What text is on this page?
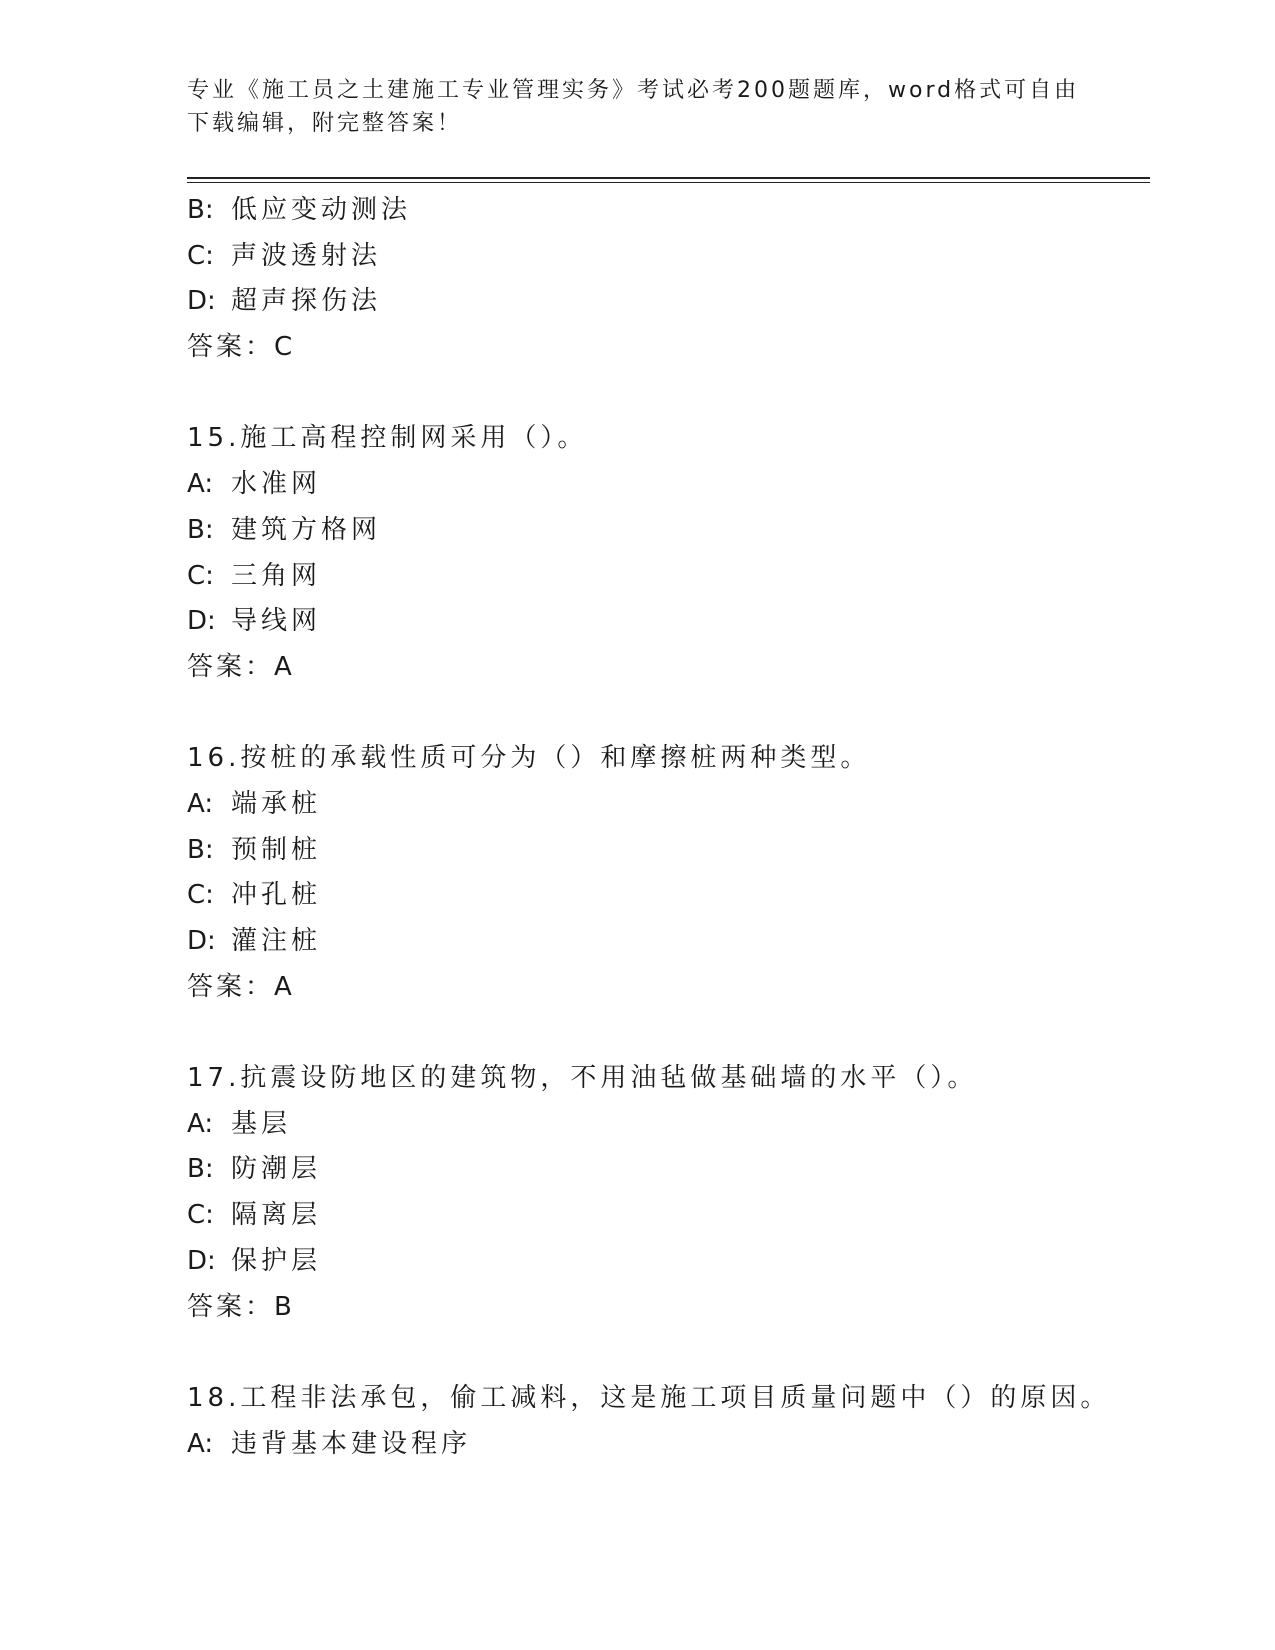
专业《施工员之土建施工专业管理实务》考试必考200题题库，word格式可自由下载编辑，附完整答案！
B: 低应变动测法
C: 声波透射法
D: 超声探伤法
答案：C
15.施工高程控制网采用（）。
A: 水准网
B: 建筑方格网
C: 三角网
D: 导线网
答案：A
16.按桩的承载性质可分为（）和摩擦桩两种类型。
A: 端承桩
B: 预制桩
C: 冲孔桩
D: 灌注桩
答案：A
17.抗震设防地区的建筑物，不用油毡做基础墙的水平（）。
A: 基层
B: 防潮层
C: 隔离层
D: 保护层
答案：B
18.工程非法承包，偷工减料，这是施工项目质量问题中（）的原因。
A: 违背基本建设程序
